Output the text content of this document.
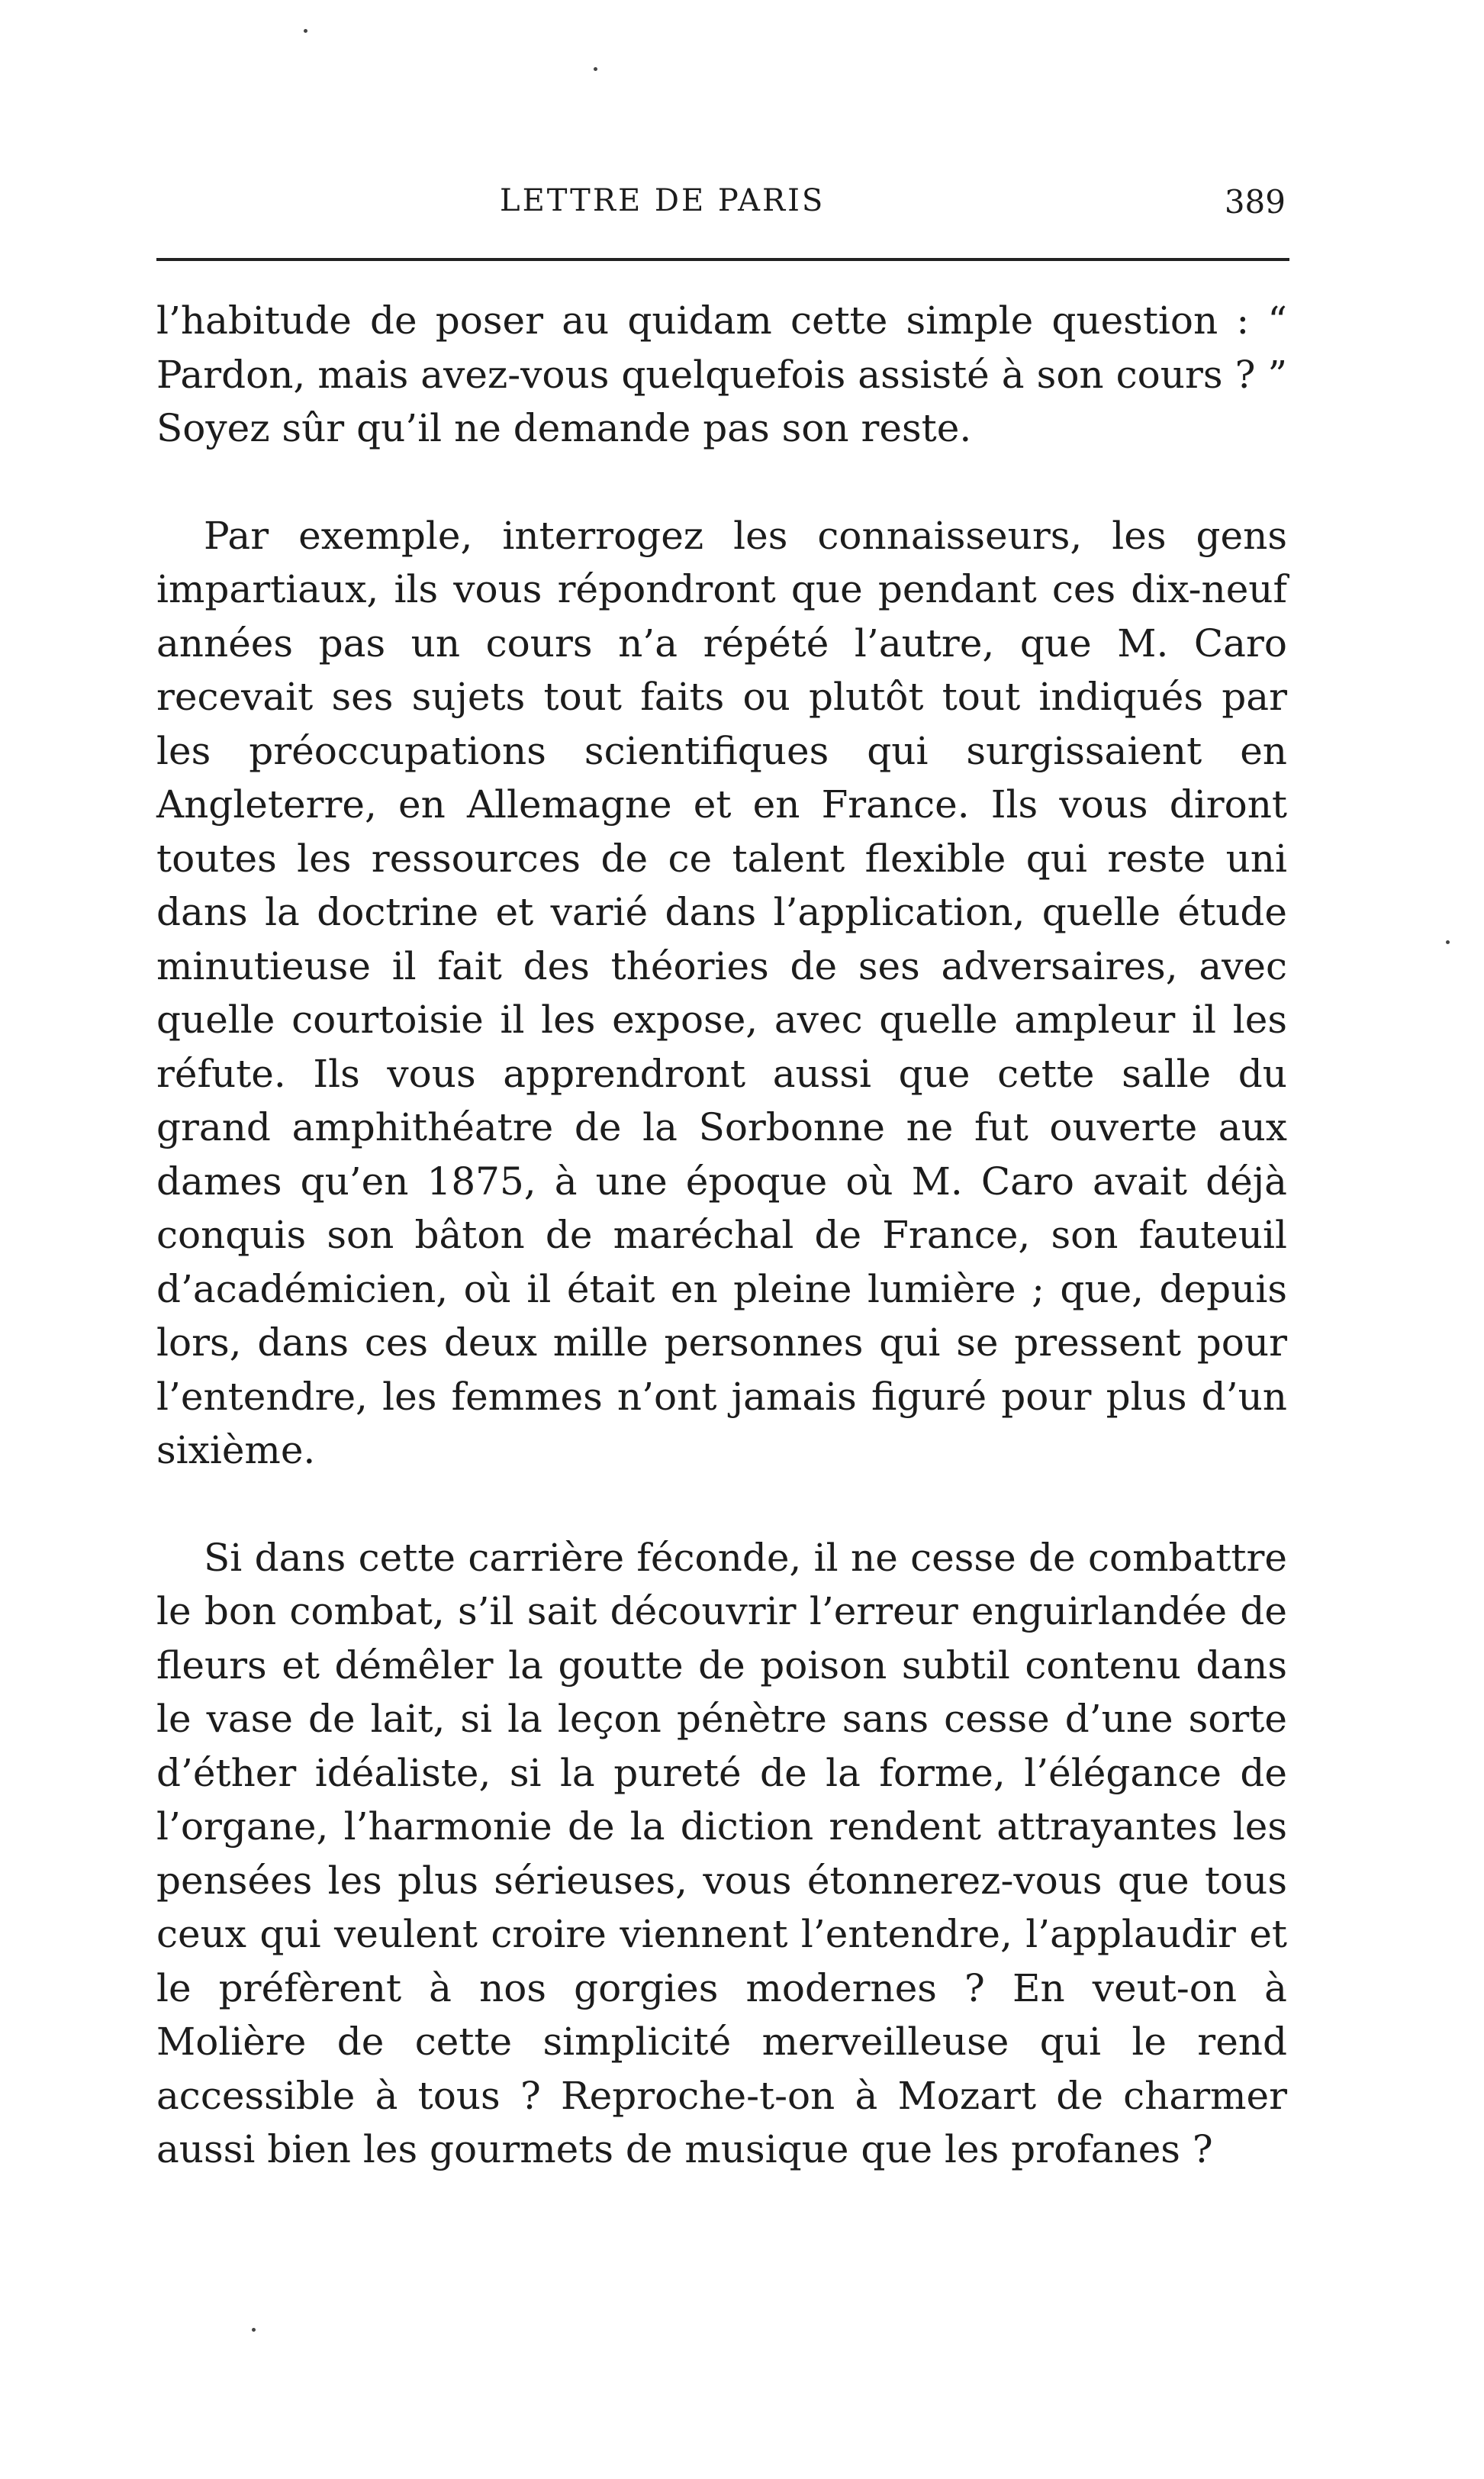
LETTRE DE PARIS	389

l’habitude de poser au quidam cette simple question : “ Pardon, mais avez-vous quelquefois assisté à son cours ? ” Soyez sûr qu’il ne demande pas son reste.

Par exemple, interrogez les connaisseurs, les gens impartiaux, ils vous répondront que pendant ces dix-neuf années pas un cours n’a répété l’autre, que M. Caro recevait ses sujets tout faits ou plutôt tout indiqués par les préoccupations scientifiques qui surgissaient en Angleterre, en Allemagne et en France. Ils vous diront toutes les ressources de ce talent flexible qui reste uni dans la doctrine et varié dans l’application, quelle étude minutieuse il fait des théories de ses adversaires, avec quelle courtoisie il les expose, avec quelle ampleur il les réfute. Ils vous apprendront aussi que cette salle du grand amphithéatre de la Sorbonne ne fut ouverte aux dames qu’en 1875, à une époque où M. Caro avait déjà conquis son bâton de maréchal de France, son fauteuil d’académicien, où il était en pleine lumière ; que, depuis lors, dans ces deux mille personnes qui se pressent pour l’entendre, les femmes n’ont jamais figuré pour plus d’un sixième.

Si dans cette carrière féconde, il ne cesse de combattre le bon combat, s’il sait découvrir l’erreur enguirlandée de fleurs et démêler la goutte de poison subtil contenu dans le vase de lait, si la leçon pénètre sans cesse d’une sorte d’éther idéaliste, si la pureté de la forme, l’élégance de l’organe, l’harmonie de la diction rendent attrayantes les pensées les plus sérieuses, vous étonnerez-vous que tous ceux qui veulent croire viennent l’entendre, l’applaudir et le préfèrent à nos gorgies modernes ? En veut-on à Molière de cette simplicité merveilleuse qui le rend accessible à tous ? Reproche-t-on à Mozart de charmer aussi bien les gourmets de musique que les profanes ?
